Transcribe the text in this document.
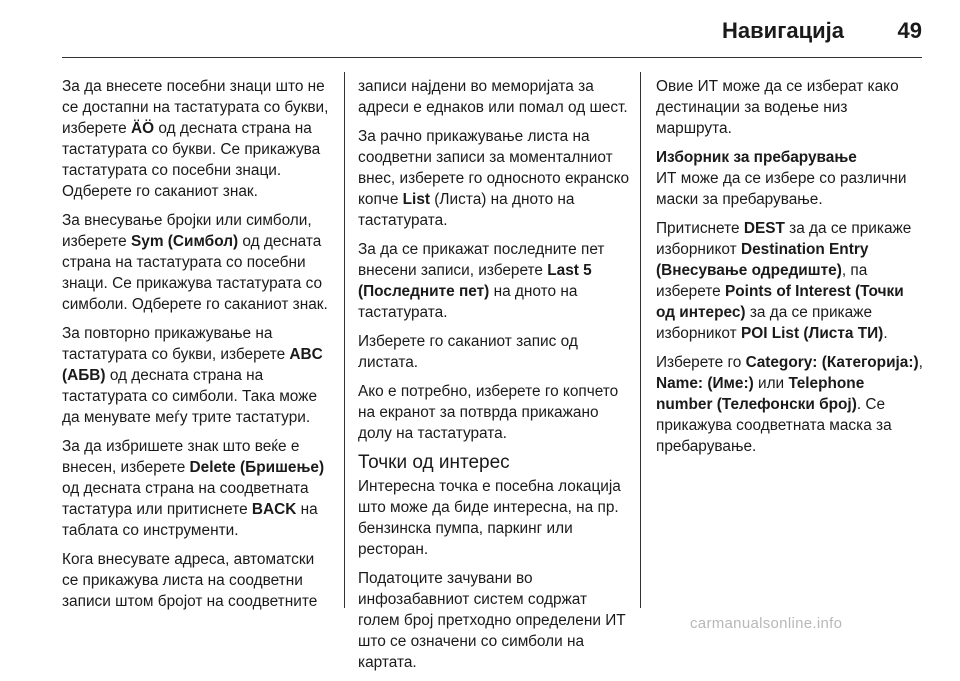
Навигација 49

За да внесете посебни знаци што не се достапни на тастатурата со букви, изберете ÄÖ од десната страна на тастатурата со букви. Се прикажува тастатурата со посебни знаци. Одберете го саканиот знак.

За внесување бројки или симболи, изберете Sym (Симбол) од десната страна на тастатурата со посебни знаци. Се прикажува тастатурата со симболи. Одберете го саканиот знак.

За повторно прикажување на тастатурата со букви, изберете ABC (АБВ) од десната страна на тастатурата со симболи. Така може да менувате меѓу трите тастатури.

За да избришете знак што веќе е внесен, изберете Delete (Бришење) од десната страна на соодветната тастатура или притиснете BACK на таблата со инструменти.

Кога внесувате адреса, автоматски се прикажува листа на соодветни записи штом бројот на соодветните

записи најдени во меморијата за адреси е еднаков или помал од шест.

За рачно прикажување листа на соодветни записи за моменталниот внес, изберете го односното екранско копче List (Листа) на дното на тастатурата.

За да се прикажат последните пет внесени записи, изберете Last 5 (Последните пет) на дното на тастатурата.

Изберете го саканиот запис од листата.

Ако е потребно, изберете го копчето на екранот за потврда прикажано долу на тастатурата.

Точки од интерес

Интересна точка е посебна локација што може да биде интересна, на пр. бензинска пумпа, паркинг или ресторан.

Податоците зачувани во инфозабавниот систем содржат голем број претходно определени ИТ што се означени со симболи на картата.

Овие ИТ може да се изберат како дестинации за водење низ маршрута.

Изборник за пребарување

ИТ може да се избере со различни маски за пребарување.

Притиснете DEST за да се прикаже изборникот Destination Entry (Внесување одредиште), па изберете Points of Interest (Точки од интерес) за да се прикаже изборникот POI List (Листа ТИ).

Изберете го Category: (Категорија:), Name: (Име:) или Telephone number (Телефонски број). Се прикажува соодветната маска за пребарување.

carmanualsonline.info
